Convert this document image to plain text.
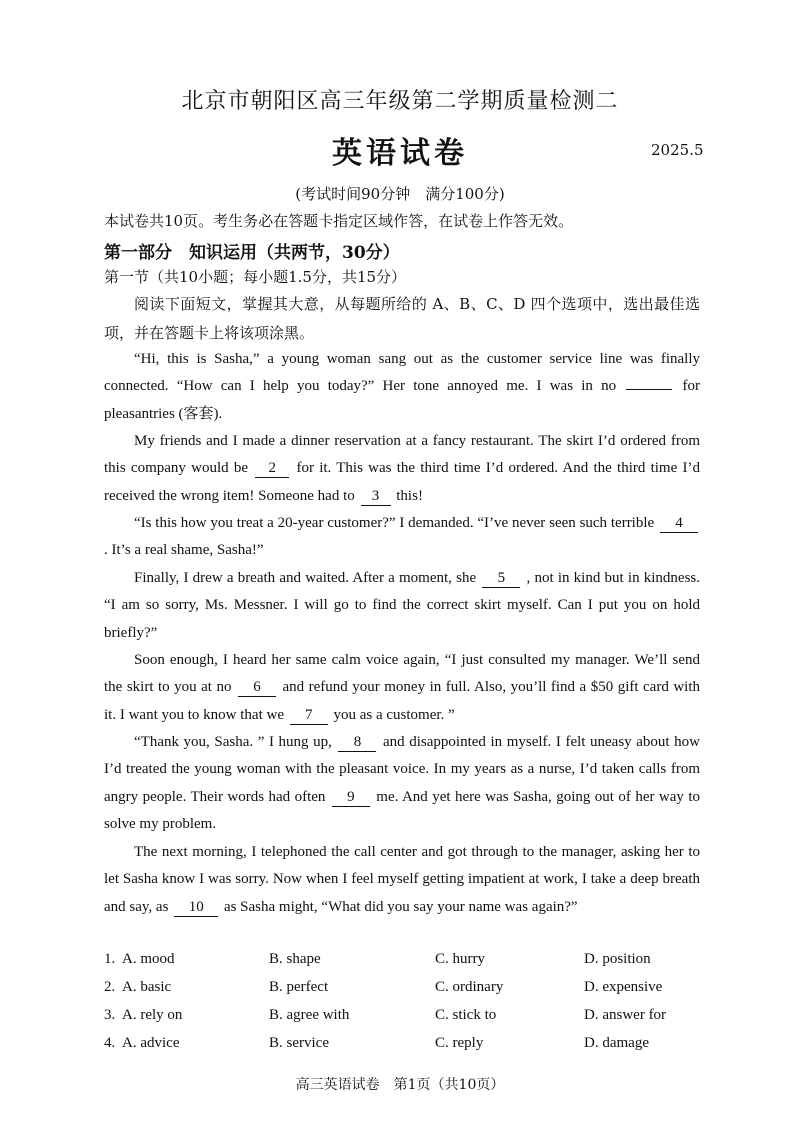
北京市朝阳区高三年级第二学期质量检测二
英语试卷	2025.5
(考试时间90分钟　满分100分)
本试卷共10页。考生务必在答题卡指定区域作答，在试卷上作答无效。
第一部分　知识运用（共两节，30分）
第一节（共10小题；每小题1.5分，共15分）
阅读下面短文，掌握其大意，从每题所给的 A、B、C、D 四个选项中，选出最佳选项，并在答题卡上将该项涂黑。
“Hi, this is Sasha,” a young woman sang out as the customer service line was finally connected. “How can I help you today?” Her tone annoyed me. I was in no	for pleasantries (客套).
My friends and I made a dinner reservation at a fancy restaurant. The skirt I’d ordered from this company would be 2 for it. This was the third time I’d ordered. And the third time I’d received the wrong item! Someone had to 3 this!
“Is this how you treat a 20-year customer?” I demanded. “I’ve never seen such terrible 4 . It’s a real shame, Sasha!”
Finally, I drew a breath and waited. After a moment, she 5 , not in kind but in kindness. “I am so sorry, Ms. Messner. I will go to find the correct skirt myself. Can I put you on hold briefly?”
Soon enough, I heard her same calm voice again, “I just consulted my manager. We’ll send the skirt to you at no 6 and refund your money in full. Also, you’ll find a $50 gift card with it. I want you to know that we 7 you as a customer. ”
“Thank you, Sasha. ” I hung up, 8 and disappointed in myself. I felt uneasy about how I’d treated the young woman with the pleasant voice. In my years as a nurse, I’d taken calls from angry people. Their words had often 9 me. And yet here was Sasha, going out of her way to solve my problem.
The next morning, I telephoned the call center and got through to the manager, asking her to let Sasha know I was sorry. Now when I feel myself getting impatient at work, I take a deep breath and say, as 10 as Sasha might, “What did you say your name was again?”
1. A. mood	B. shape	C. hurry	D. position
2. A. basic	B. perfect	C. ordinary	D. expensive
3. A. rely on	B. agree with	C. stick to	D. answer for
4. A. advice	B. service	C. reply	D. damage
高三英语试卷　第1页（共10页）
